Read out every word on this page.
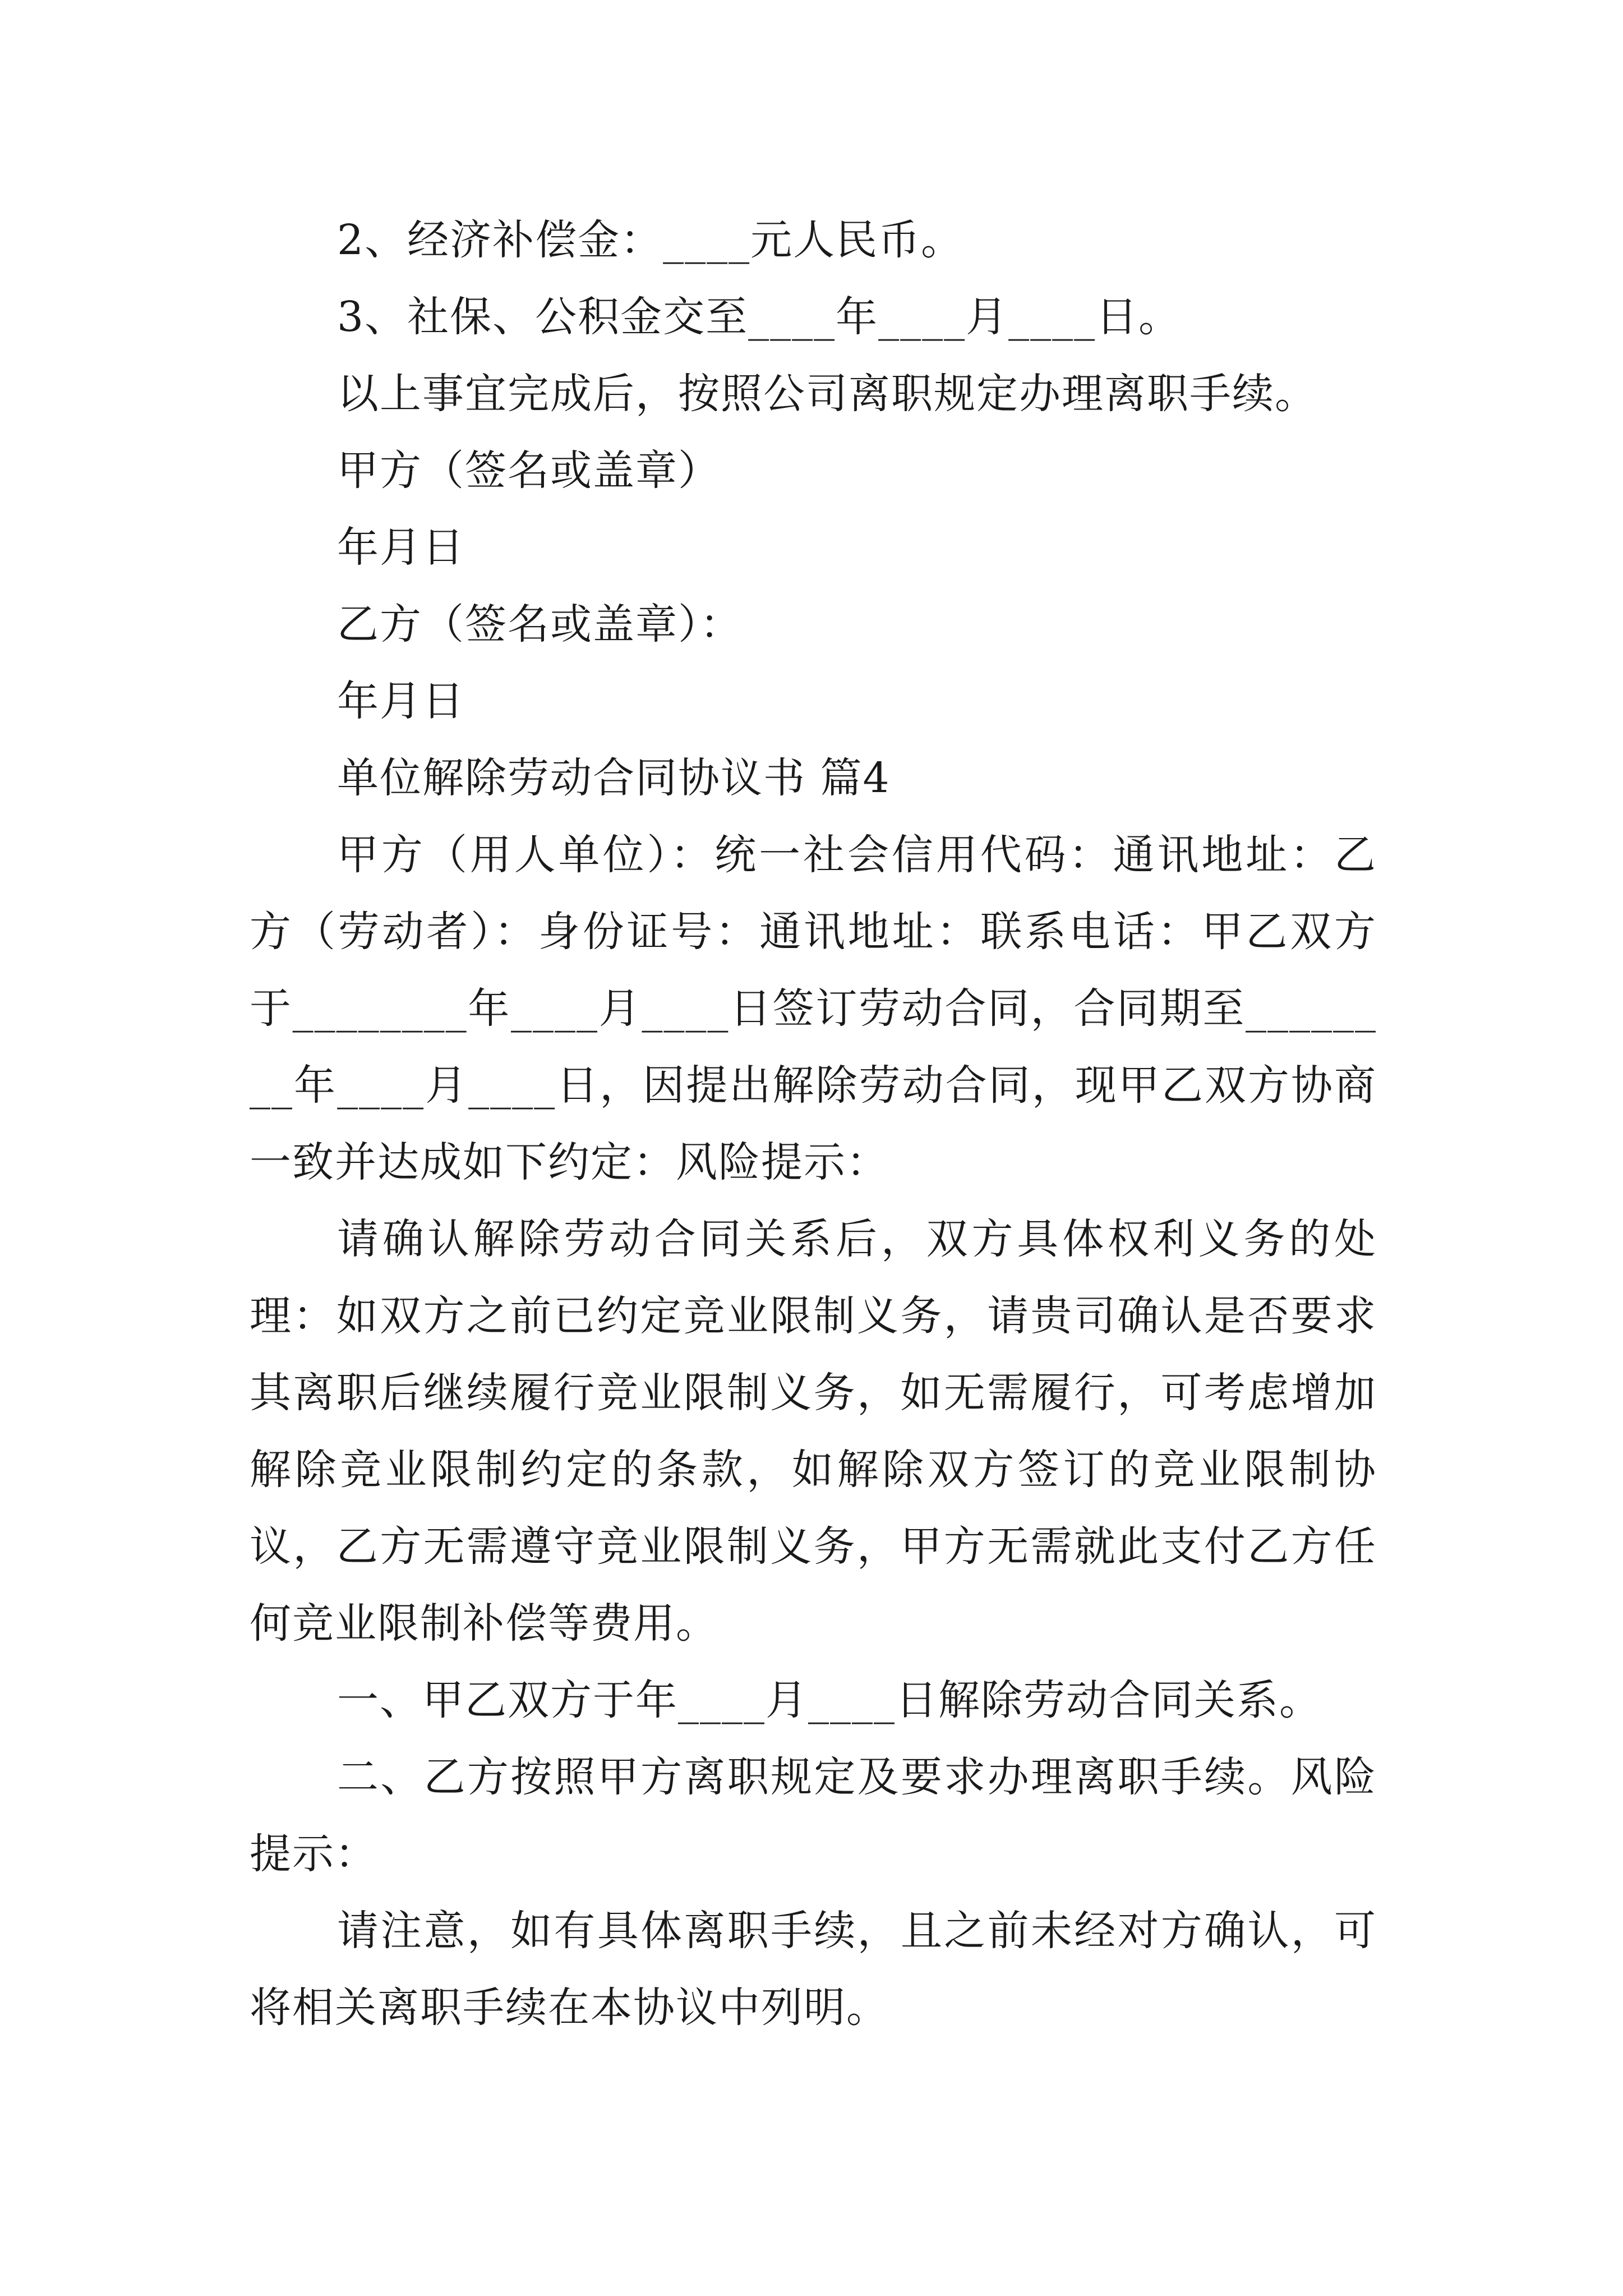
2、经济补偿金：____元人民币。

3、社保、公积金交至____年____月____日。

以上事宜完成后，按照公司离职规定办理离职手续。

甲方（签名或盖章）

年月日

乙方（签名或盖章）：

年月日

单位解除劳动合同协议书 篇4

甲方（用人单位）：统一社会信用代码：通讯地址：乙方（劳动者）：身份证号：通讯地址：联系电话：甲乙双方于________年____月____日签订劳动合同，合同期至________年____月____日，因提出解除劳动合同，现甲乙双方协商一致并达成如下约定：风险提示：

请确认解除劳动合同关系后，双方具体权利义务的处理：如双方之前已约定竞业限制义务，请贵司确认是否要求其离职后继续履行竞业限制义务，如无需履行，可考虑增加解除竞业限制约定的条款，如解除双方签订的竞业限制协议，乙方无需遵守竞业限制义务，甲方无需就此支付乙方任何竞业限制补偿等费用。

一、甲乙双方于年____月____日解除劳动合同关系。

二、乙方按照甲方离职规定及要求办理离职手续。风险提示：

请注意，如有具体离职手续，且之前未经对方确认，可将相关离职手续在本协议中列明。
